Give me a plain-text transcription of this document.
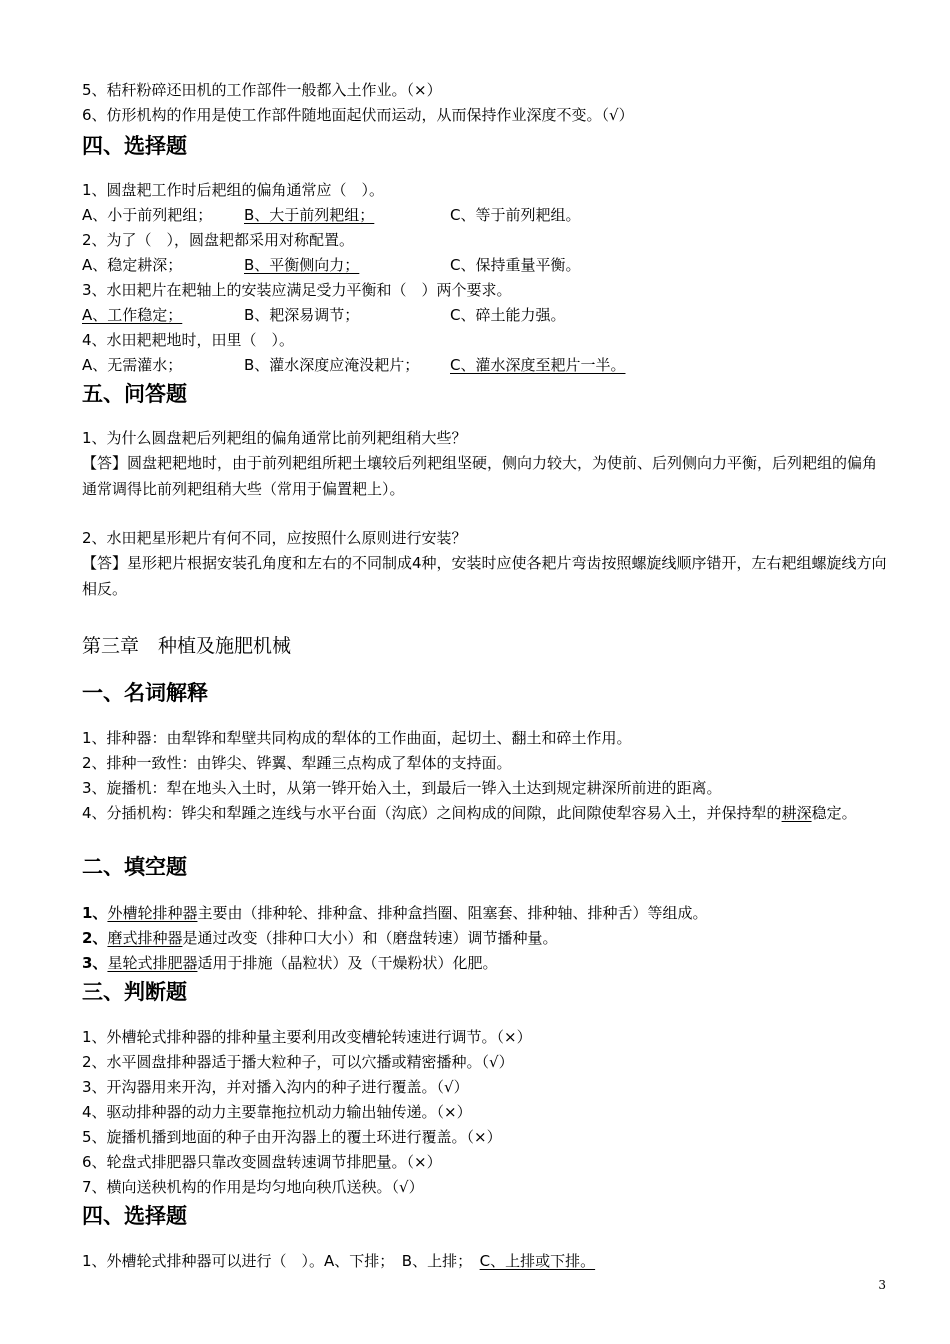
5、秸秆粉碎还田机的工作部件一般都入土作业。（×）
6、仿形机构的作用是使工作部件随地面起伏而运动，从而保持作业深度不变。（√）
四、选择题
1、圆盘耙工作时后耙组的偏角通常应（　）。
A、小于前列耙组； B、大于前列耙组；	C、等于前列耙组。
2、为了（　），圆盘耙都采用对称配置。
A、稳定耕深；	B、平衡侧向力；	C、保持重量平衡。
3、水田耙片在耙轴上的安装应满足受力平衡和（　）两个要求。
A、工作稳定；	B、耙深易调节；	C、碎土能力强。
4、水田耙耙地时，田里（　）。
A、无需灌水；	B、灌水深度应淹没耙片； C、灌水深度至耙片一半。
五、问答题
1、为什么圆盘耙后列耙组的偏角通常比前列耙组稍大些？
【答】圆盘耙耙地时，由于前列耙组所耙土壤较后列耙组坚硬，侧向力较大，为使前、后列侧向力平衡，后列耙组的偏角通常调得比前列耙组稍大些（常用于偏置耙上）。
2、水田耙星形耙片有何不同，应按照什么原则进行安装？
【答】星形耙片根据安装孔角度和左右的不同制成4种，安装时应使各耙片弯齿按照螺旋线顺序错开，左右耙组螺旋线方向相反。
第三章　种植及施肥机械
一、名词解释
1、排种器：由犁铧和犁壁共同构成的犁体的工作曲面，起切土、翻土和碎土作用。
2、排种一致性：由铧尖、铧翼、犁踵三点构成了犁体的支持面。
3、旋播机：犁在地头入土时，从第一铧开始入土，到最后一铧入土达到规定耕深所前进的距离。
4、分插机构：铧尖和犁踵之连线与水平台面（沟底）之间构成的间隙，此间隙使犁容易入土，并保持犁的耕深稳定。
二、填空题
1、外槽轮排种器主要由（排种轮、排种盒、排种盒挡圈、阻塞套、排种轴、排种舌）等组成。
2、磨式排种器是通过改变（排种口大小）和（磨盘转速）调节播种量。
3、星轮式排肥器适用于排施（晶粒状）及（干燥粉状）化肥。
三、判断题
1、外槽轮式排种器的排种量主要利用改变槽轮转速进行调节。（×）
2、水平圆盘排种器适于播大粒种子，可以穴播或精密播种。（√）
3、开沟器用来开沟，并对播入沟内的种子进行覆盖。（√）
4、驱动排种器的动力主要靠拖拉机动力输出轴传递。（×）
5、旋播机播到地面的种子由开沟器上的覆土环进行覆盖。（×）
6、轮盘式排肥器只靠改变圆盘转速调节排肥量。（×）
7、横向送秧机构的作用是均匀地向秧爪送秧。（√）
四、选择题
1、外槽轮式排种器可以进行（　）。A、下排；　B、上排；　 C、上排或下排。
3
